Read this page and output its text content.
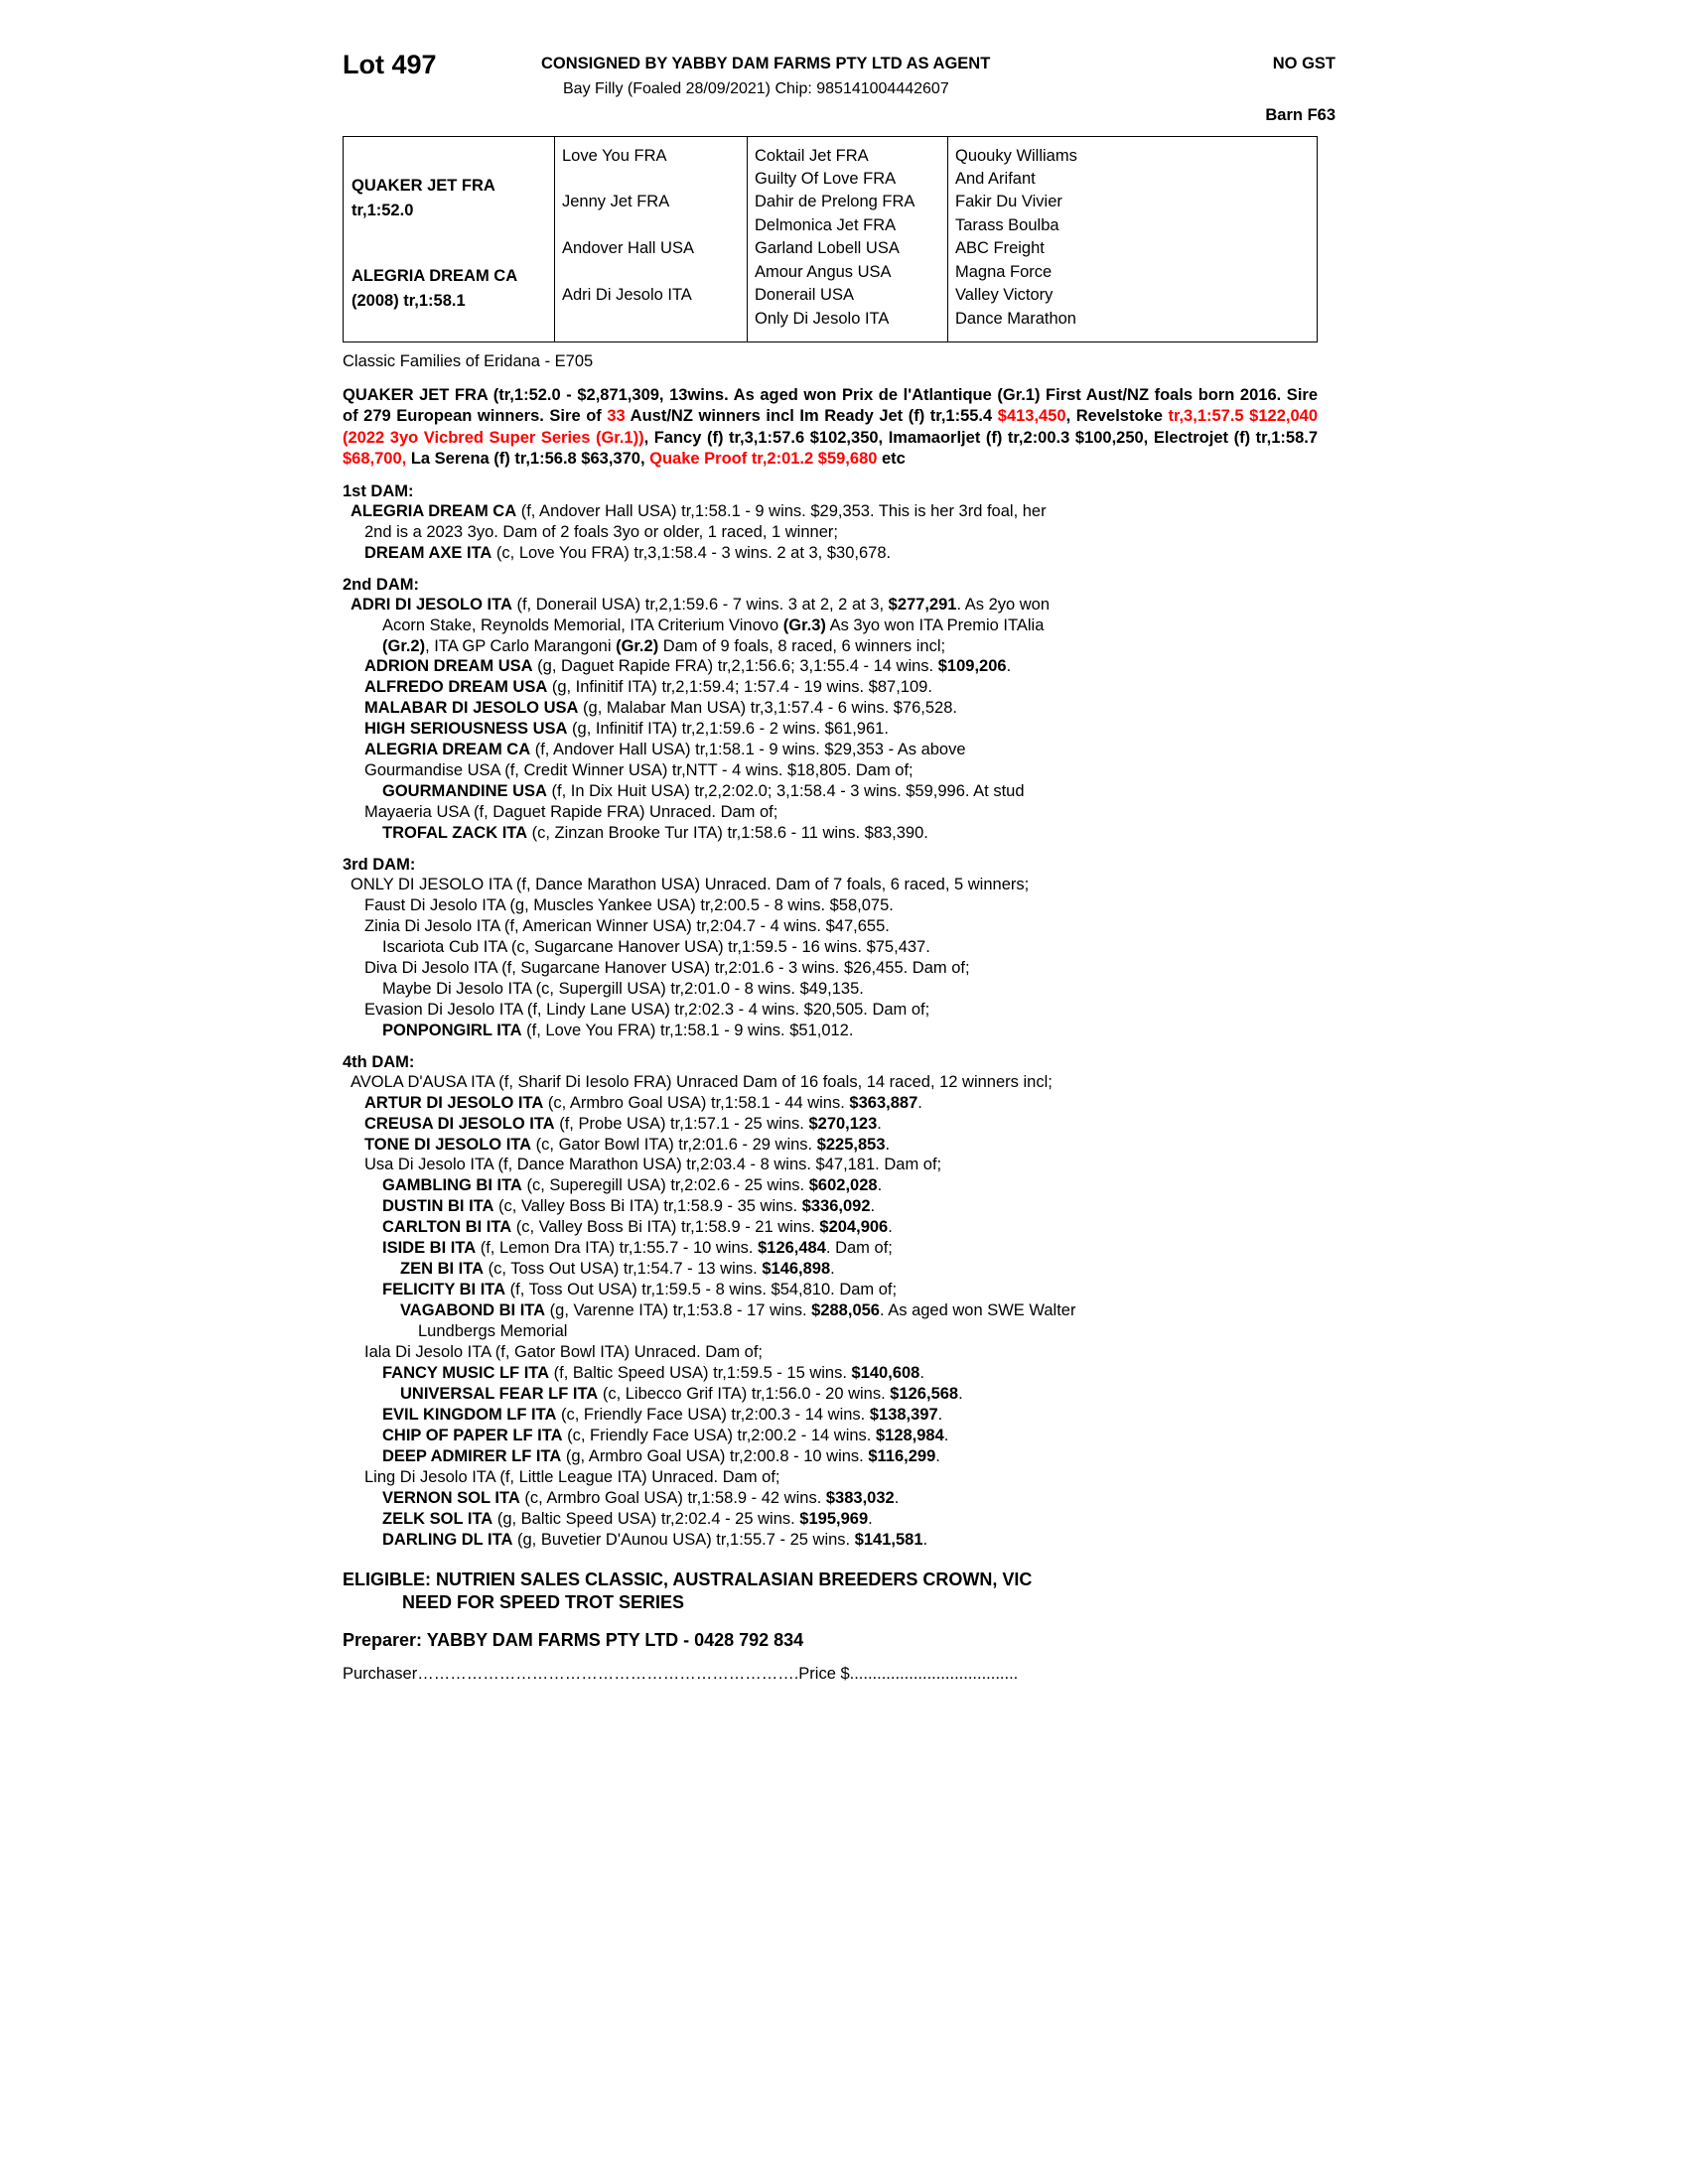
Lot 497	CONSIGNED BY YABBY DAM FARMS PTY LTD AS AGENT	NO GST
Bay Filly (Foaled 28/09/2021) Chip: 985141004442607
Barn F63
QUAKER JET FRA
tr,1:52.0
ALEGRIA DREAM CA
(2008) tr,1:58.1
Love You FRA
Jenny Jet FRA
Andover Hall USA
Adri Di Jesolo ITA
Coktail Jet FRA
Guilty Of Love FRA
Dahir de Prelong FRA
Delmonica Jet FRA
Garland Lobell USA
Amour Angus USA
Donerail USA
Only Di Jesolo ITA
Quouky Williams
And Arifant
Fakir Du Vivier
Tarass Boulba
ABC Freight
Magna Force
Valley Victory
Dance Marathon
Classic Families of Eridana - E705
QUAKER JET FRA (tr,1:52.0 - $2,871,309, 13wins. As aged won Prix de l'Atlantique (Gr.1) First Aust/NZ foals born 2016. Sire of 279 European winners. Sire of 33 Aust/NZ winners incl Im Ready Jet (f) tr,1:55.4 $413,450, Revelstoke tr,3,1:57.5 $122,040 (2022 3yo Vicbred Super Series (Gr.1)), Fancy (f) tr,3,1:57.6 $102,350, Imamaorljet (f) tr,2:00.3 $100,250, Electrojet (f) tr,1:58.7 $68,700, La Serena (f) tr,1:56.8 $63,370, Quake Proof tr,2:01.2 $59,680 etc
1st DAM:
ALEGRIA DREAM CA (f, Andover Hall USA) tr,1:58.1 - 9 wins. $29,353. This is her 3rd foal, her
2nd is a 2023 3yo. Dam of 2 foals 3yo or older, 1 raced, 1 winner;
DREAM AXE ITA (c, Love You FRA) tr,3,1:58.4 - 3 wins. 2 at 3, $30,678.
2nd DAM:
ADRI DI JESOLO ITA (f, Donerail USA) tr,2,1:59.6 - 7 wins. 3 at 2, 2 at 3, $277,291. As 2yo won
Acorn Stake, Reynolds Memorial, ITA Criterium Vinovo (Gr.3) As 3yo won ITA Premio ITAlia
(Gr.2), ITA GP Carlo Marangoni (Gr.2) Dam of 9 foals, 8 raced, 6 winners incl;
ADRION DREAM USA (g, Daguet Rapide FRA) tr,2,1:56.6; 3,1:55.4 - 14 wins. $109,206.
ALFREDO DREAM USA (g, Infinitif ITA) tr,2,1:59.4; 1:57.4 - 19 wins. $87,109.
MALABAR DI JESOLO USA (g, Malabar Man USA) tr,3,1:57.4 - 6 wins. $76,528.
HIGH SERIOUSNESS USA (g, Infinitif ITA) tr,2,1:59.6 - 2 wins. $61,961.
ALEGRIA DREAM CA (f, Andover Hall USA) tr,1:58.1 - 9 wins. $29,353 - As above
Gourmandise USA (f, Credit Winner USA) tr,NTT - 4 wins. $18,805. Dam of;
GOURMANDINE USA (f, In Dix Huit USA) tr,2,2:02.0; 3,1:58.4 - 3 wins. $59,996. At stud
Mayaeria USA (f, Daguet Rapide FRA) Unraced. Dam of;
TROFAL ZACK ITA (c, Zinzan Brooke Tur ITA) tr,1:58.6 - 11 wins. $83,390.
3rd DAM:
ONLY DI JESOLO ITA (f, Dance Marathon USA) Unraced. Dam of 7 foals, 6 raced, 5 winners;
Faust Di Jesolo ITA (g, Muscles Yankee USA) tr,2:00.5 - 8 wins. $58,075.
Zinia Di Jesolo ITA (f, American Winner USA) tr,2:04.7 - 4 wins. $47,655.
Iscariota Cub ITA (c, Sugarcane Hanover USA) tr,1:59.5 - 16 wins. $75,437.
Diva Di Jesolo ITA (f, Sugarcane Hanover USA) tr,2:01.6 - 3 wins. $26,455. Dam of;
Maybe Di Jesolo ITA (c, Supergill USA) tr,2:01.0 - 8 wins. $49,135.
Evasion Di Jesolo ITA (f, Lindy Lane USA) tr,2:02.3 - 4 wins. $20,505. Dam of;
PONPONGIRL ITA (f, Love You FRA) tr,1:58.1 - 9 wins. $51,012.
4th DAM:
AVOLA D'AUSA ITA (f, Sharif Di Iesolo FRA) Unraced Dam of 16 foals, 14 raced, 12 winners incl;
ARTUR DI JESOLO ITA (c, Armbro Goal USA) tr,1:58.1 - 44 wins. $363,887.
CREUSA DI JESOLO ITA (f, Probe USA) tr,1:57.1 - 25 wins. $270,123.
TONE DI JESOLO ITA (c, Gator Bowl ITA) tr,2:01.6 - 29 wins. $225,853.
Usa Di Jesolo ITA (f, Dance Marathon USA) tr,2:03.4 - 8 wins. $47,181. Dam of;
GAMBLING BI ITA (c, Superegill USA) tr,2:02.6 - 25 wins. $602,028.
DUSTIN BI ITA (c, Valley Boss Bi ITA) tr,1:58.9 - 35 wins. $336,092.
CARLTON BI ITA (c, Valley Boss Bi ITA) tr,1:58.9 - 21 wins. $204,906.
ISIDE BI ITA (f, Lemon Dra ITA) tr,1:55.7 - 10 wins. $126,484. Dam of;
ZEN BI ITA (c, Toss Out USA) tr,1:54.7 - 13 wins. $146,898.
FELICITY BI ITA (f, Toss Out USA) tr,1:59.5 - 8 wins. $54,810. Dam of;
VAGABOND BI ITA (g, Varenne ITA) tr,1:53.8 - 17 wins. $288,056. As aged won SWE Walter
Lundbergs Memorial
Iala Di Jesolo ITA (f, Gator Bowl ITA) Unraced. Dam of;
FANCY MUSIC LF ITA (f, Baltic Speed USA) tr,1:59.5 - 15 wins. $140,608.
UNIVERSAL FEAR LF ITA (c, Libecco Grif ITA) tr,1:56.0 - 20 wins. $126,568.
EVIL KINGDOM LF ITA (c, Friendly Face USA) tr,2:00.3 - 14 wins. $138,397.
CHIP OF PAPER LF ITA (c, Friendly Face USA) tr,2:00.2 - 14 wins. $128,984.
DEEP ADMIRER LF ITA (g, Armbro Goal USA) tr,2:00.8 - 10 wins. $116,299.
Ling Di Jesolo ITA (f, Little League ITA) Unraced. Dam of;
VERNON SOL ITA (c, Armbro Goal USA) tr,1:58.9 - 42 wins. $383,032.
ZELK SOL ITA (g, Baltic Speed USA) tr,2:02.4 - 25 wins. $195,969.
DARLING DL ITA (g, Buvetier D'Aunou USA) tr,1:55.7 - 25 wins. $141,581.
ELIGIBLE: NUTRIEN SALES CLASSIC, AUSTRALASIAN BREEDERS CROWN, VIC
NEED FOR SPEED TROT SERIES
Preparer: YABBY DAM FARMS PTY LTD - 0428 792 834
Purchaser…………………………………………………………….Price $.....................................
